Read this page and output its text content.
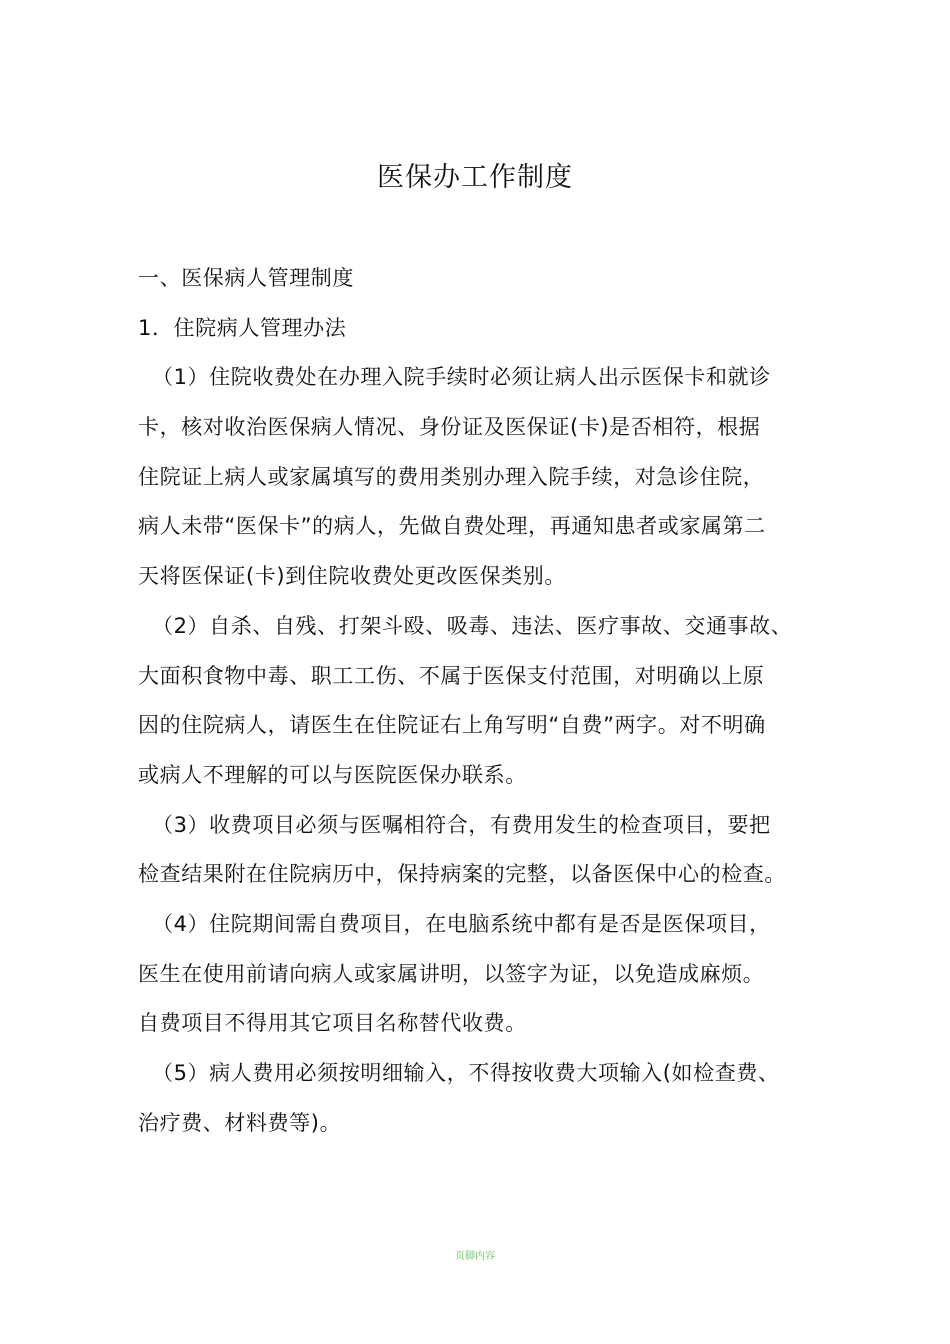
医保办工作制度
一、医保病人管理制度
1．住院病人管理办法
（1）住院收费处在办理入院手续时必须让病人出示医保卡和就诊
卡，核对收治医保病人情况、身份证及医保证(卡)是否相符，根据
住院证上病人或家属填写的费用类别办理入院手续，对急诊住院，
病人未带“医保卡”的病人，先做自费处理，再通知患者或家属第二
天将医保证(卡)到住院收费处更改医保类别。
（2）自杀、自残、打架斗殴、吸毒、违法、医疗事故、交通事故、
大面积食物中毒、职工工伤、不属于医保支付范围，对明确以上原
因的住院病人，请医生在住院证右上角写明“自费”两字。对不明确
或病人不理解的可以与医院医保办联系。
（3）收费项目必须与医嘱相符合，有费用发生的检查项目，要把
检查结果附在住院病历中，保持病案的完整，以备医保中心的检查。
（4）住院期间需自费项目，在电脑系统中都有是否是医保项目，
医生在使用前请向病人或家属讲明，以签字为证，以免造成麻烦。
自费项目不得用其它项目名称替代收费。
（5）病人费用必须按明细输入，不得按收费大项输入(如检查费、
治疗费、材料费等)。
页脚内容
